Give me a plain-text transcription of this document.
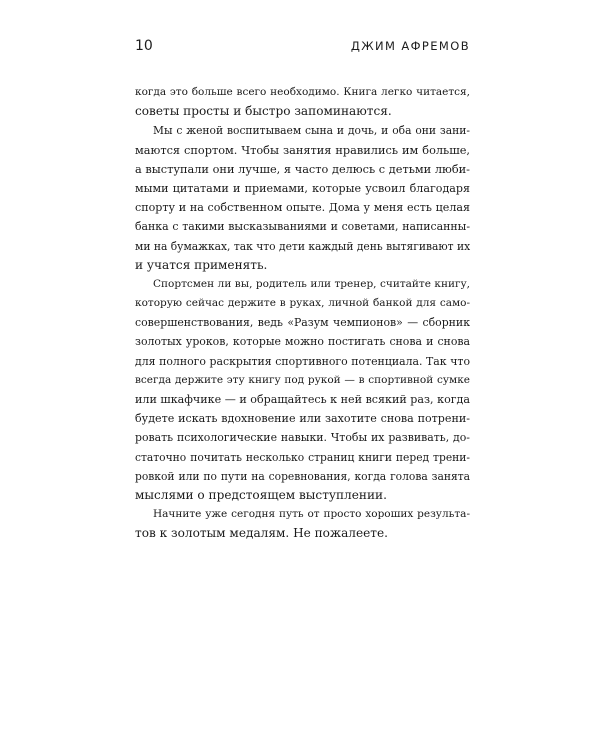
10	ДЖИМ АФРЕМОВ
когда это больше всего необходимо. Книга легко читается,
советы просты и быстро запоминаются.
Мы с женой воспитываем сына и дочь, и оба они зани-
маются спортом. Чтобы занятия нравились им больше,
а выступали они лучше, я часто делюсь с детьми люби-
мыми цитатами и приемами, которые усвоил благодаря
спорту и на собственном опыте. Дома у меня есть целая
банка с такими высказываниями и советами, написанны-
ми на бумажках, так что дети каждый день вытягивают их
и учатся применять.
Спортсмен ли вы, родитель или тренер, считайте книгу,
которую сейчас держите в руках, личной банкой для само-
совершенствования, ведь «Разум чемпионов» — сборник
золотых уроков, которые можно постигать снова и снова
для полного раскрытия спортивного потенциала. Так что
всегда держите эту книгу под рукой — в спортивной сумке
или шкафчике — и обращайтесь к ней всякий раз, когда
будете искать вдохновение или захотите снова потрени-
ровать психологические навыки. Чтобы их развивать, до-
статочно почитать несколько страниц книги перед трени-
ровкой или по пути на соревнования, когда голова занята
мыслями о предстоящем выступлении.
Начните уже сегодня путь от просто хороших результа-
тов к золотым медалям. Не пожалеете.
